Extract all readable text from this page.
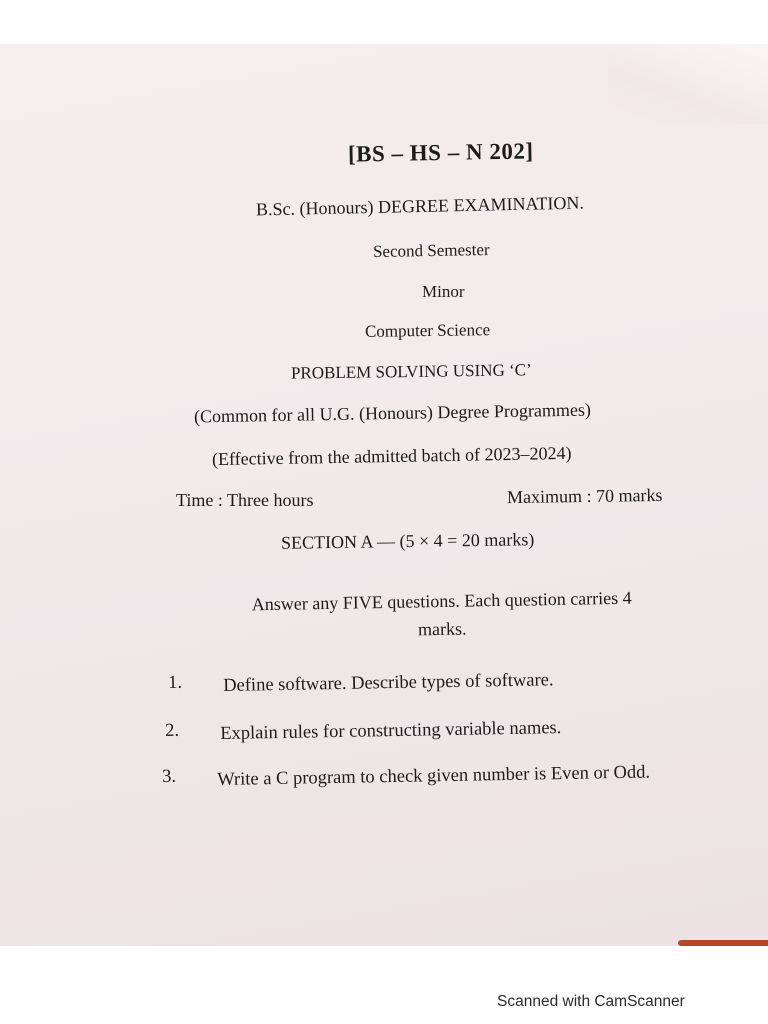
[BS – HS – N 202]
B.Sc. (Honours) DEGREE EXAMINATION.
Second Semester
Minor
Computer Science
PROBLEM SOLVING USING ‘C’
(Common for all U.G. (Honours) Degree Programmes)
(Effective from the admitted batch of 2023–2024)
Time : Three hours	Maximum : 70 marks
SECTION A — (5 × 4 = 20 marks)
Answer any FIVE questions. Each question carries 4 marks.
1. Define software. Describe types of software.
2. Explain rules for constructing variable names.
3. Write a C program to check given number is Even or Odd.
Scanned with CamScanner
